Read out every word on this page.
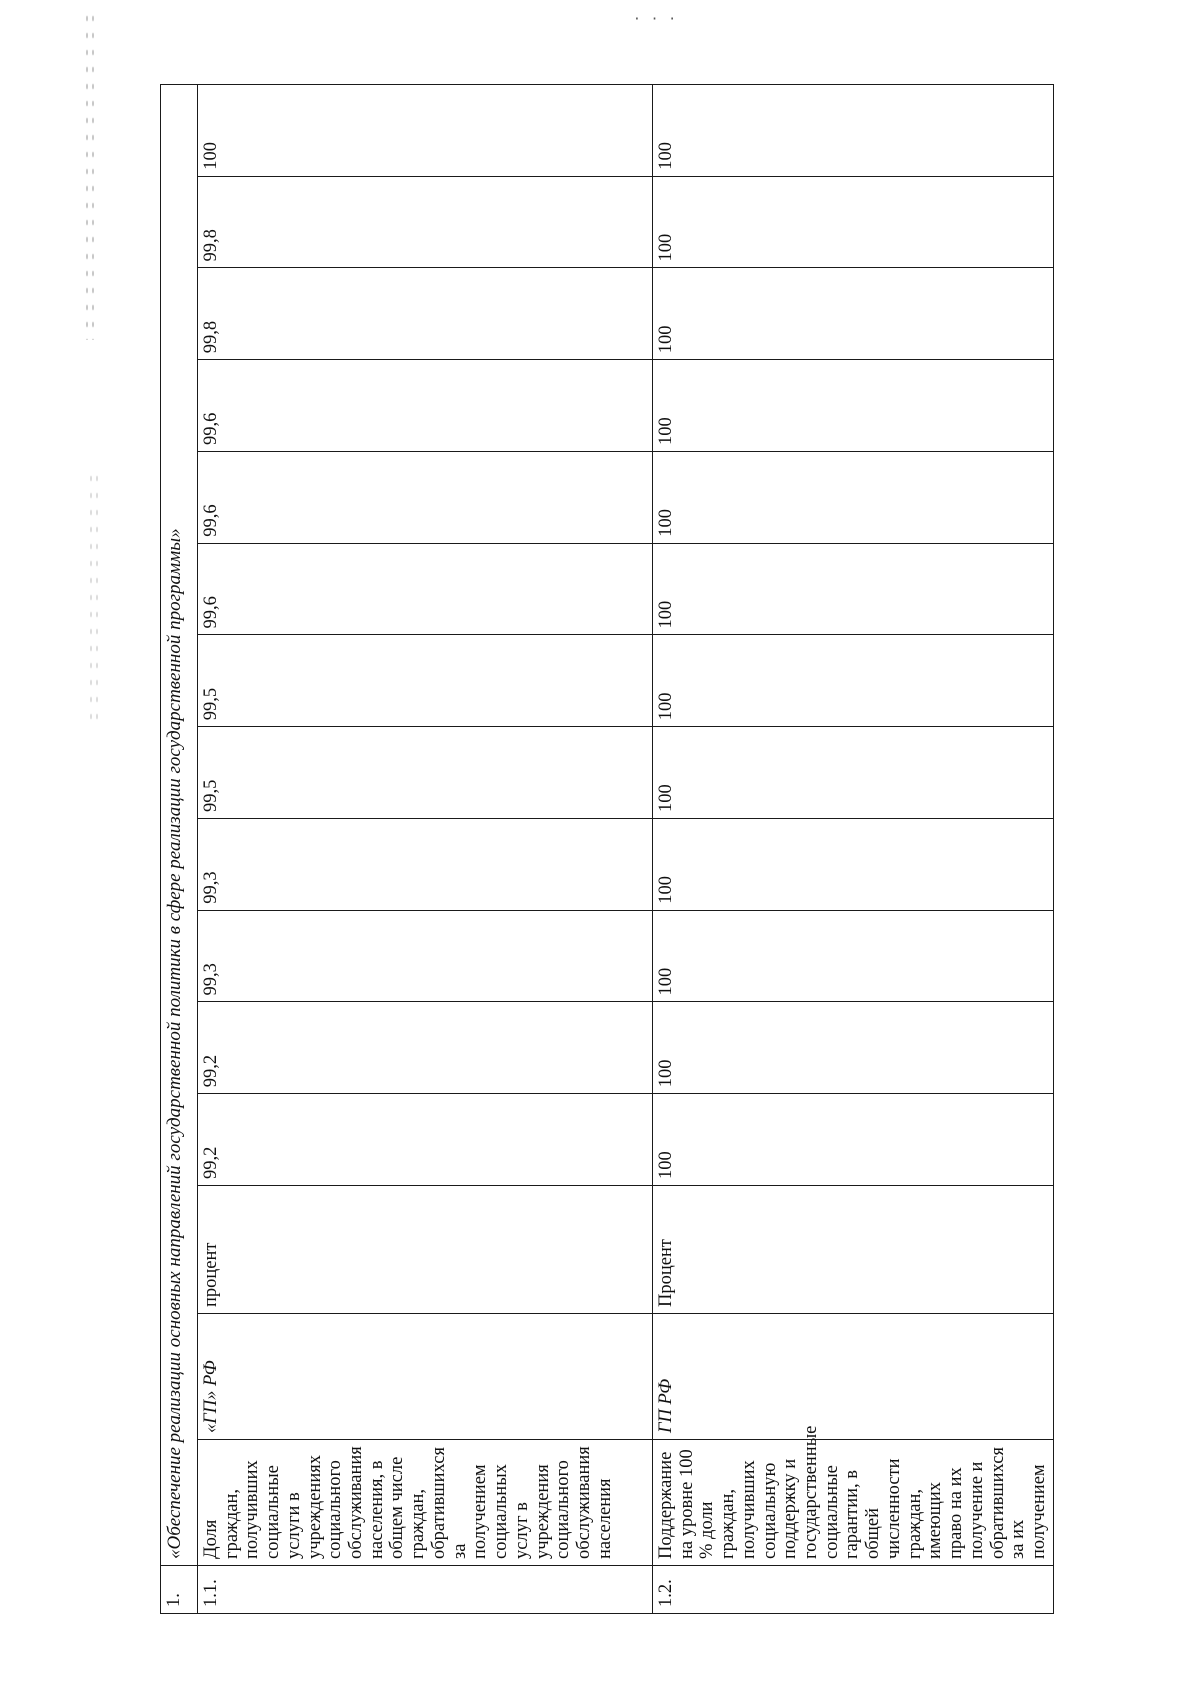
· · ·
1.	«Обеспечение реализации основных направлений государственной политики в сфере реализации государственной программы»														
1.1.	Доля граждан, получивших социальные услуги в учреждениях социального обслуживания населения, в общем числе граждан, обратившихся за получением социальных услуг в учреждения социального обслуживания населения	«ГП» РФ	процент	99,2	99,2	99,3	99,3	99,5	99,5	99,6	99,6	99,6	99,8	99,8	100
1.2.	Поддержание на уровне 100 % доли граждан, получивших социальную поддержку и государственные социальные гарантии, в общей численности граждан, имеющих право на их получение и обратившихся за их получением	ГП РФ	Процент	100	100	100	100	100	100	100	100	100	100	100	100
